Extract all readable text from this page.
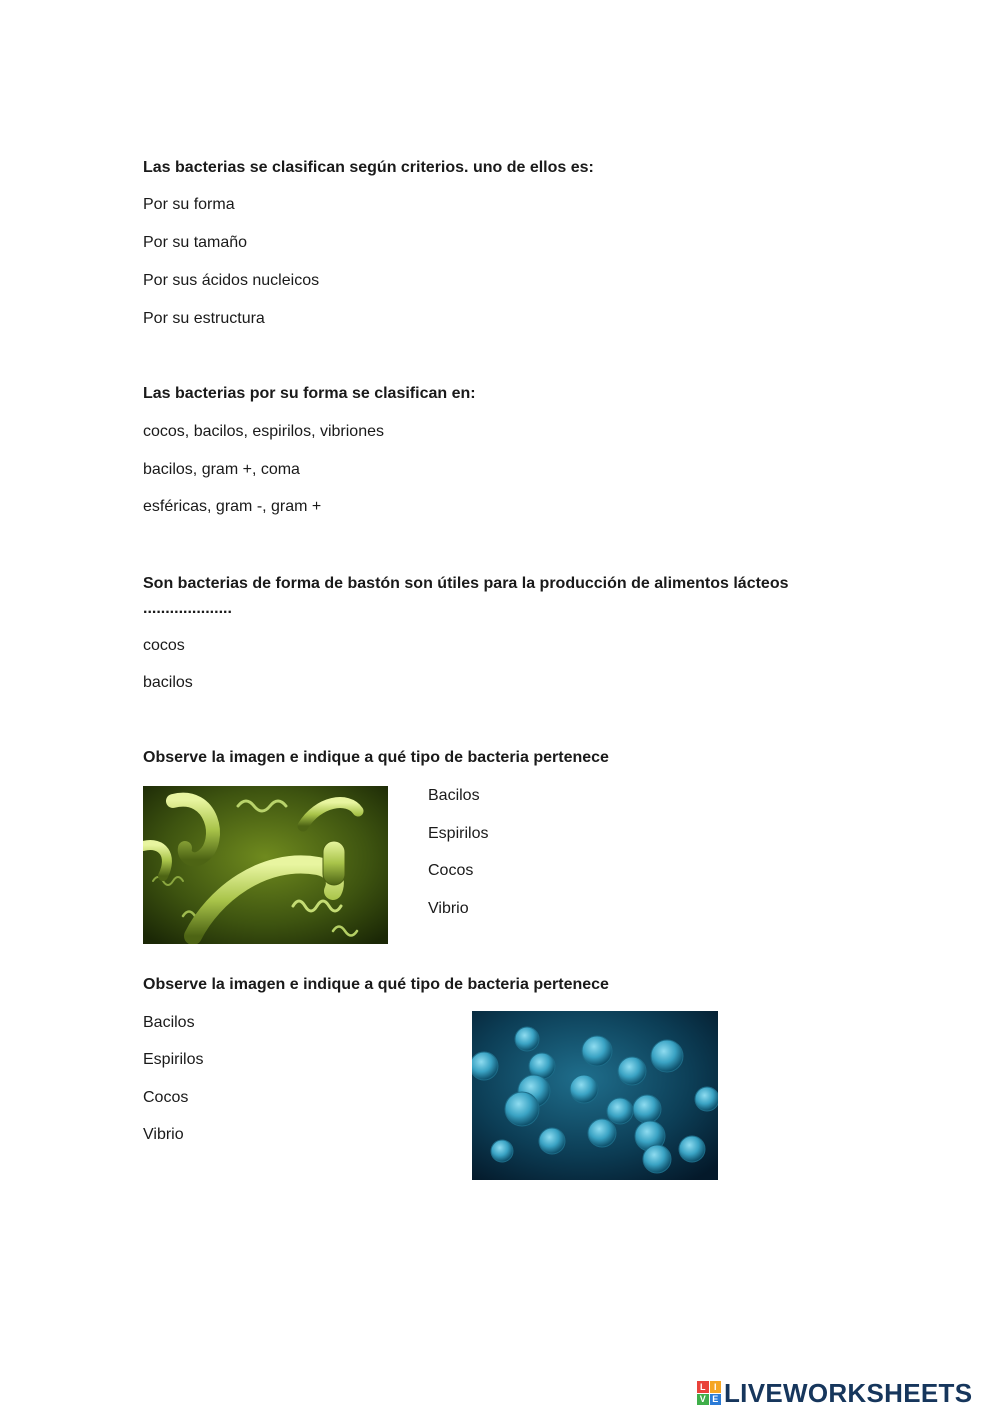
Las bacterias se clasifican según criterios. uno de ellos es:

Por su forma
Por su tamaño
Por sus ácidos nucleicos
Por su estructura

Las bacterias por su forma se clasifican en:

cocos, bacilos, espirilos, vibriones
bacilos, gram +, coma
esféricas, gram -, gram +

Son bacterias de forma de bastón son útiles para la producción de alimentos lácteos

....................

cocos
bacilos

Observe la imagen e indique a qué tipo de bacteria pertenece

Bacilos
Espirilos
Cocos
Vibrio

Observe la imagen e indique a qué tipo de bacteria pertenece

Bacilos
Espirilos
Cocos
Vibrio
L I
V E LIVEWORKSHEETS
